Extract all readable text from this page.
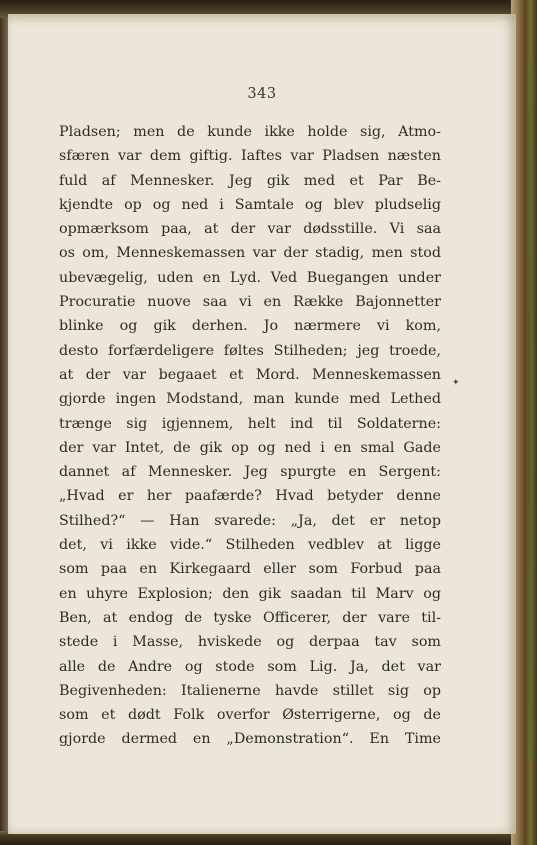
343
Pladsen; men de kunde ikke holde sig, Atmo-
sfæren var dem giftig. Iaftes var Pladsen næsten
fuld af Mennesker. Jeg gik med et Par Be-
kjendte op og ned i Samtale og blev pludselig
opmærksom paa, at der var dødsstille. Vi saa
os om, Menneskemassen var der stadig, men stod
ubevægelig, uden en Lyd. Ved Buegangen under
Procuratie nuove saa vi en Række Bajonnetter
blinke og gik derhen. Jo nærmere vi kom,
desto forfærdeligere føltes Stilheden; jeg troede,
at der var begaaet et Mord. Menneskemassen
gjorde ingen Modstand, man kunde med Lethed
trænge sig igjennem, helt ind til Soldaterne:
der var Intet, de gik op og ned i en smal Gade
dannet af Mennesker. Jeg spurgte en Sergent:
„Hvad er her paafærde? Hvad betyder denne
Stilhed?“ — Han svarede: „Ja, det er netop
det, vi ikke vide.“ Stilheden vedblev at ligge
som paa en Kirkegaard eller som Forbud paa
en uhyre Explosion; den gik saadan til Marv og
Ben, at endog de tyske Officerer, der vare til-
stede i Masse, hviskede og derpaa tav som
alle de Andre og stode som Lig. Ja, det var
Begivenheden: Italienerne havde stillet sig op
som et dødt Folk overfor Østerrigerne, og de
gjorde dermed en „Demonstration“. En Time
✦
